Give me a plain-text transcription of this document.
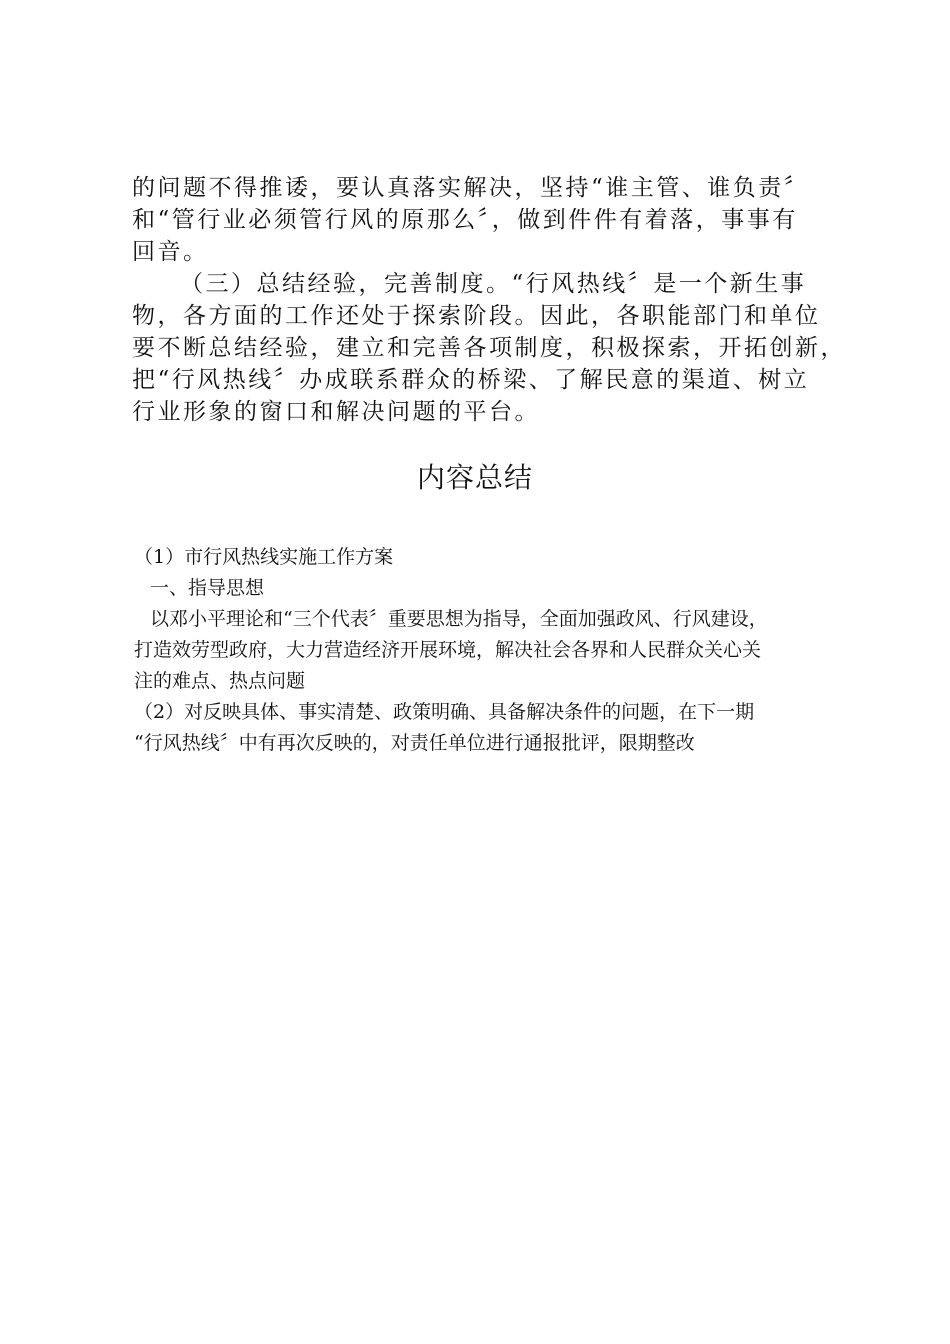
的问题不得推诿，要认真落实解决，坚持“谁主管、谁负责〞
和“管行业必须管行风的原那么〞，做到件件有着落，事事有
回音。
（三）总结经验，完善制度。“行风热线〞是一个新生事
物，各方面的工作还处于探索阶段。因此，各职能部门和单位
要不断总结经验，建立和完善各项制度，积极探索，开拓创新，
把“行风热线〞办成联系群众的桥梁、了解民意的渠道、树立
行业形象的窗口和解决问题的平台。
内容总结
（1）市行风热线实施工作方案
一、指导思想
以邓小平理论和“三个代表〞重要思想为指导，全面加强政风、行风建设，
打造效劳型政府，大力营造经济开展环境，解决社会各界和人民群众关心关
注的难点、热点问题
（2）对反映具体、事实清楚、政策明确、具备解决条件的问题，在下一期
“行风热线〞中有再次反映的，对责任单位进行通报批评，限期整改
